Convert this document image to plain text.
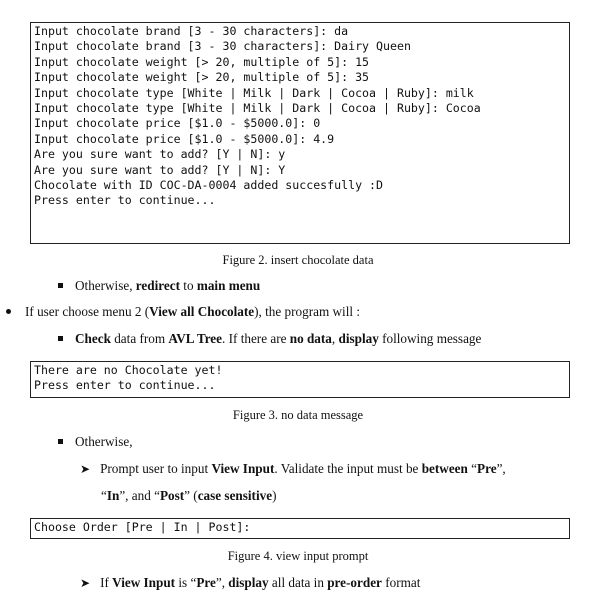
Input chocolate brand [3 - 30 characters]: da
Input chocolate brand [3 - 30 characters]: Dairy Queen
Input chocolate weight [> 20, multiple of 5]: 15
Input chocolate weight [> 20, multiple of 5]: 35
Input chocolate type [White | Milk | Dark | Cocoa | Ruby]: milk
Input chocolate type [White | Milk | Dark | Cocoa | Ruby]: Cocoa
Input chocolate price [$1.0 - $5000.0]: 0
Input chocolate price [$1.0 - $5000.0]: 4.9
Are you sure want to add? [Y | N]: y
Are you sure want to add? [Y | N]: Y
Chocolate with ID COC-DA-0004 added succesfully :D
Press enter to continue...
Figure 2. insert chocolate data
Otherwise, redirect to main menu
If user choose menu 2 (View all Chocolate), the program will :
Check data from AVL Tree. If there are no data, display following message
There are no Chocolate yet!
Press enter to continue...
Figure 3. no data message
Otherwise,
➤ Prompt user to input View Input. Validate the input must be between “Pre”,
“In”, and “Post” (case sensitive)
Choose Order [Pre | In | Post]:
Figure 4. view input prompt
➤ If View Input is “Pre”, display all data in pre-order format
